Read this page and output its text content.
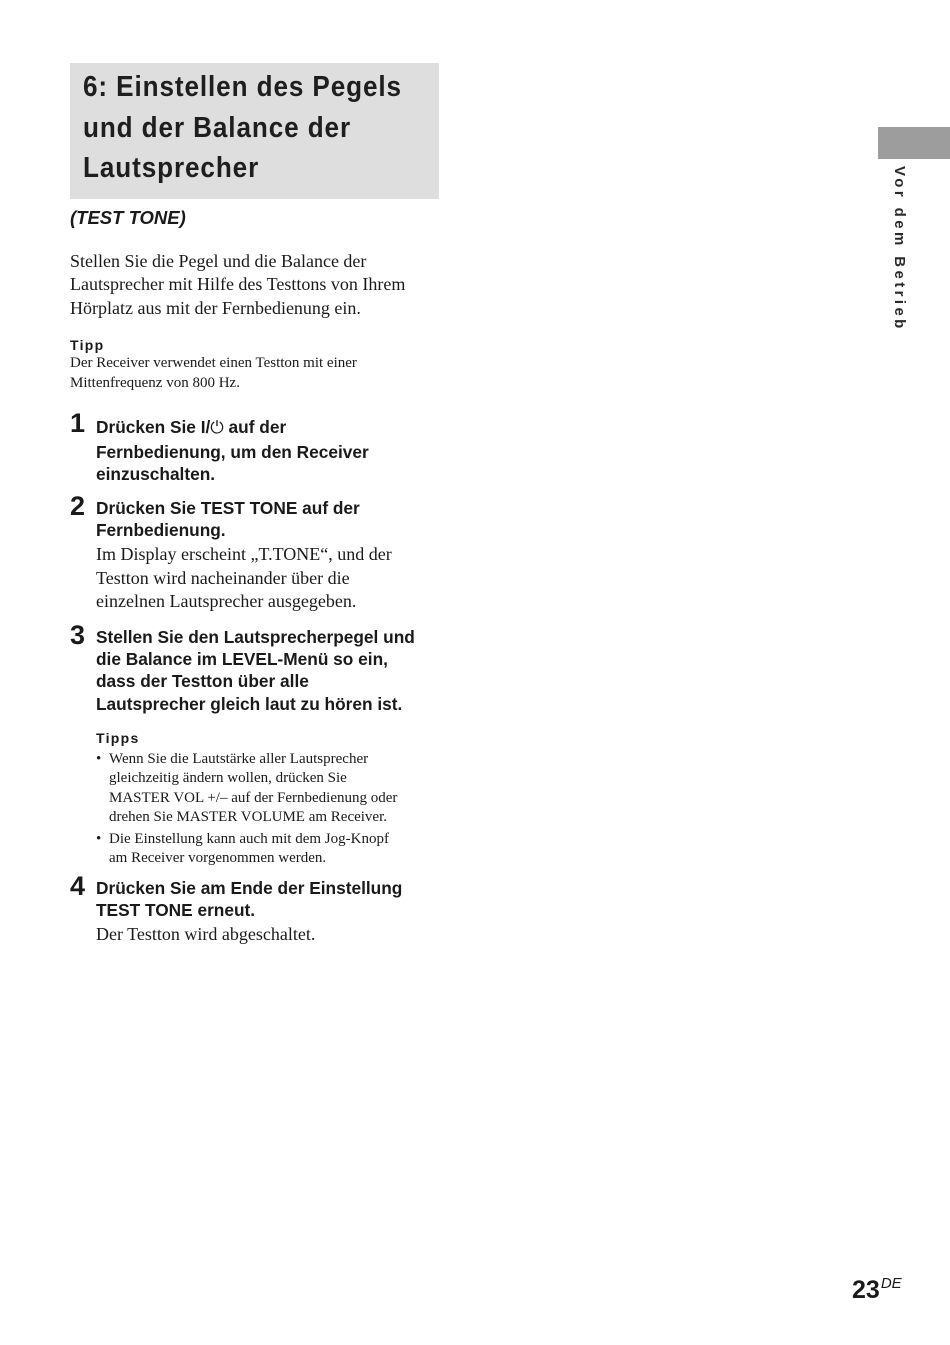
6: Einstellen des Pegels
und der Balance der
Lautsprecher
(TEST TONE)
Stellen Sie die Pegel und die Balance der
Lautsprecher mit Hilfe des Testtons von Ihrem
Hörplatz aus mit der Fernbedienung ein.
Tipp
Der Receiver verwendet einen Testton mit einer
Mittenfrequenz von 800 Hz.
1 Drücken Sie I/⏻ auf der
Fernbedienung, um den Receiver
einzuschalten.
2 Drücken Sie TEST TONE auf der
Fernbedienung.
Im Display erscheint „T.TONE“, und der
Testton wird nacheinander über die
einzelnen Lautsprecher ausgegeben.
3 Stellen Sie den Lautsprecherpegel und
die Balance im LEVEL-Menü so ein,
dass der Testton über alle
Lautsprecher gleich laut zu hören ist.
Tipps
• Wenn Sie die Lautstärke aller Lautsprecher
gleichzeitig ändern wollen, drücken Sie
MASTER VOL +/– auf der Fernbedienung oder
drehen Sie MASTER VOLUME am Receiver.
• Die Einstellung kann auch mit dem Jog-Knopf
am Receiver vorgenommen werden.
4 Drücken Sie am Ende der Einstellung
TEST TONE erneut.
Der Testton wird abgeschaltet.
Vor dem Betrieb
23DE
